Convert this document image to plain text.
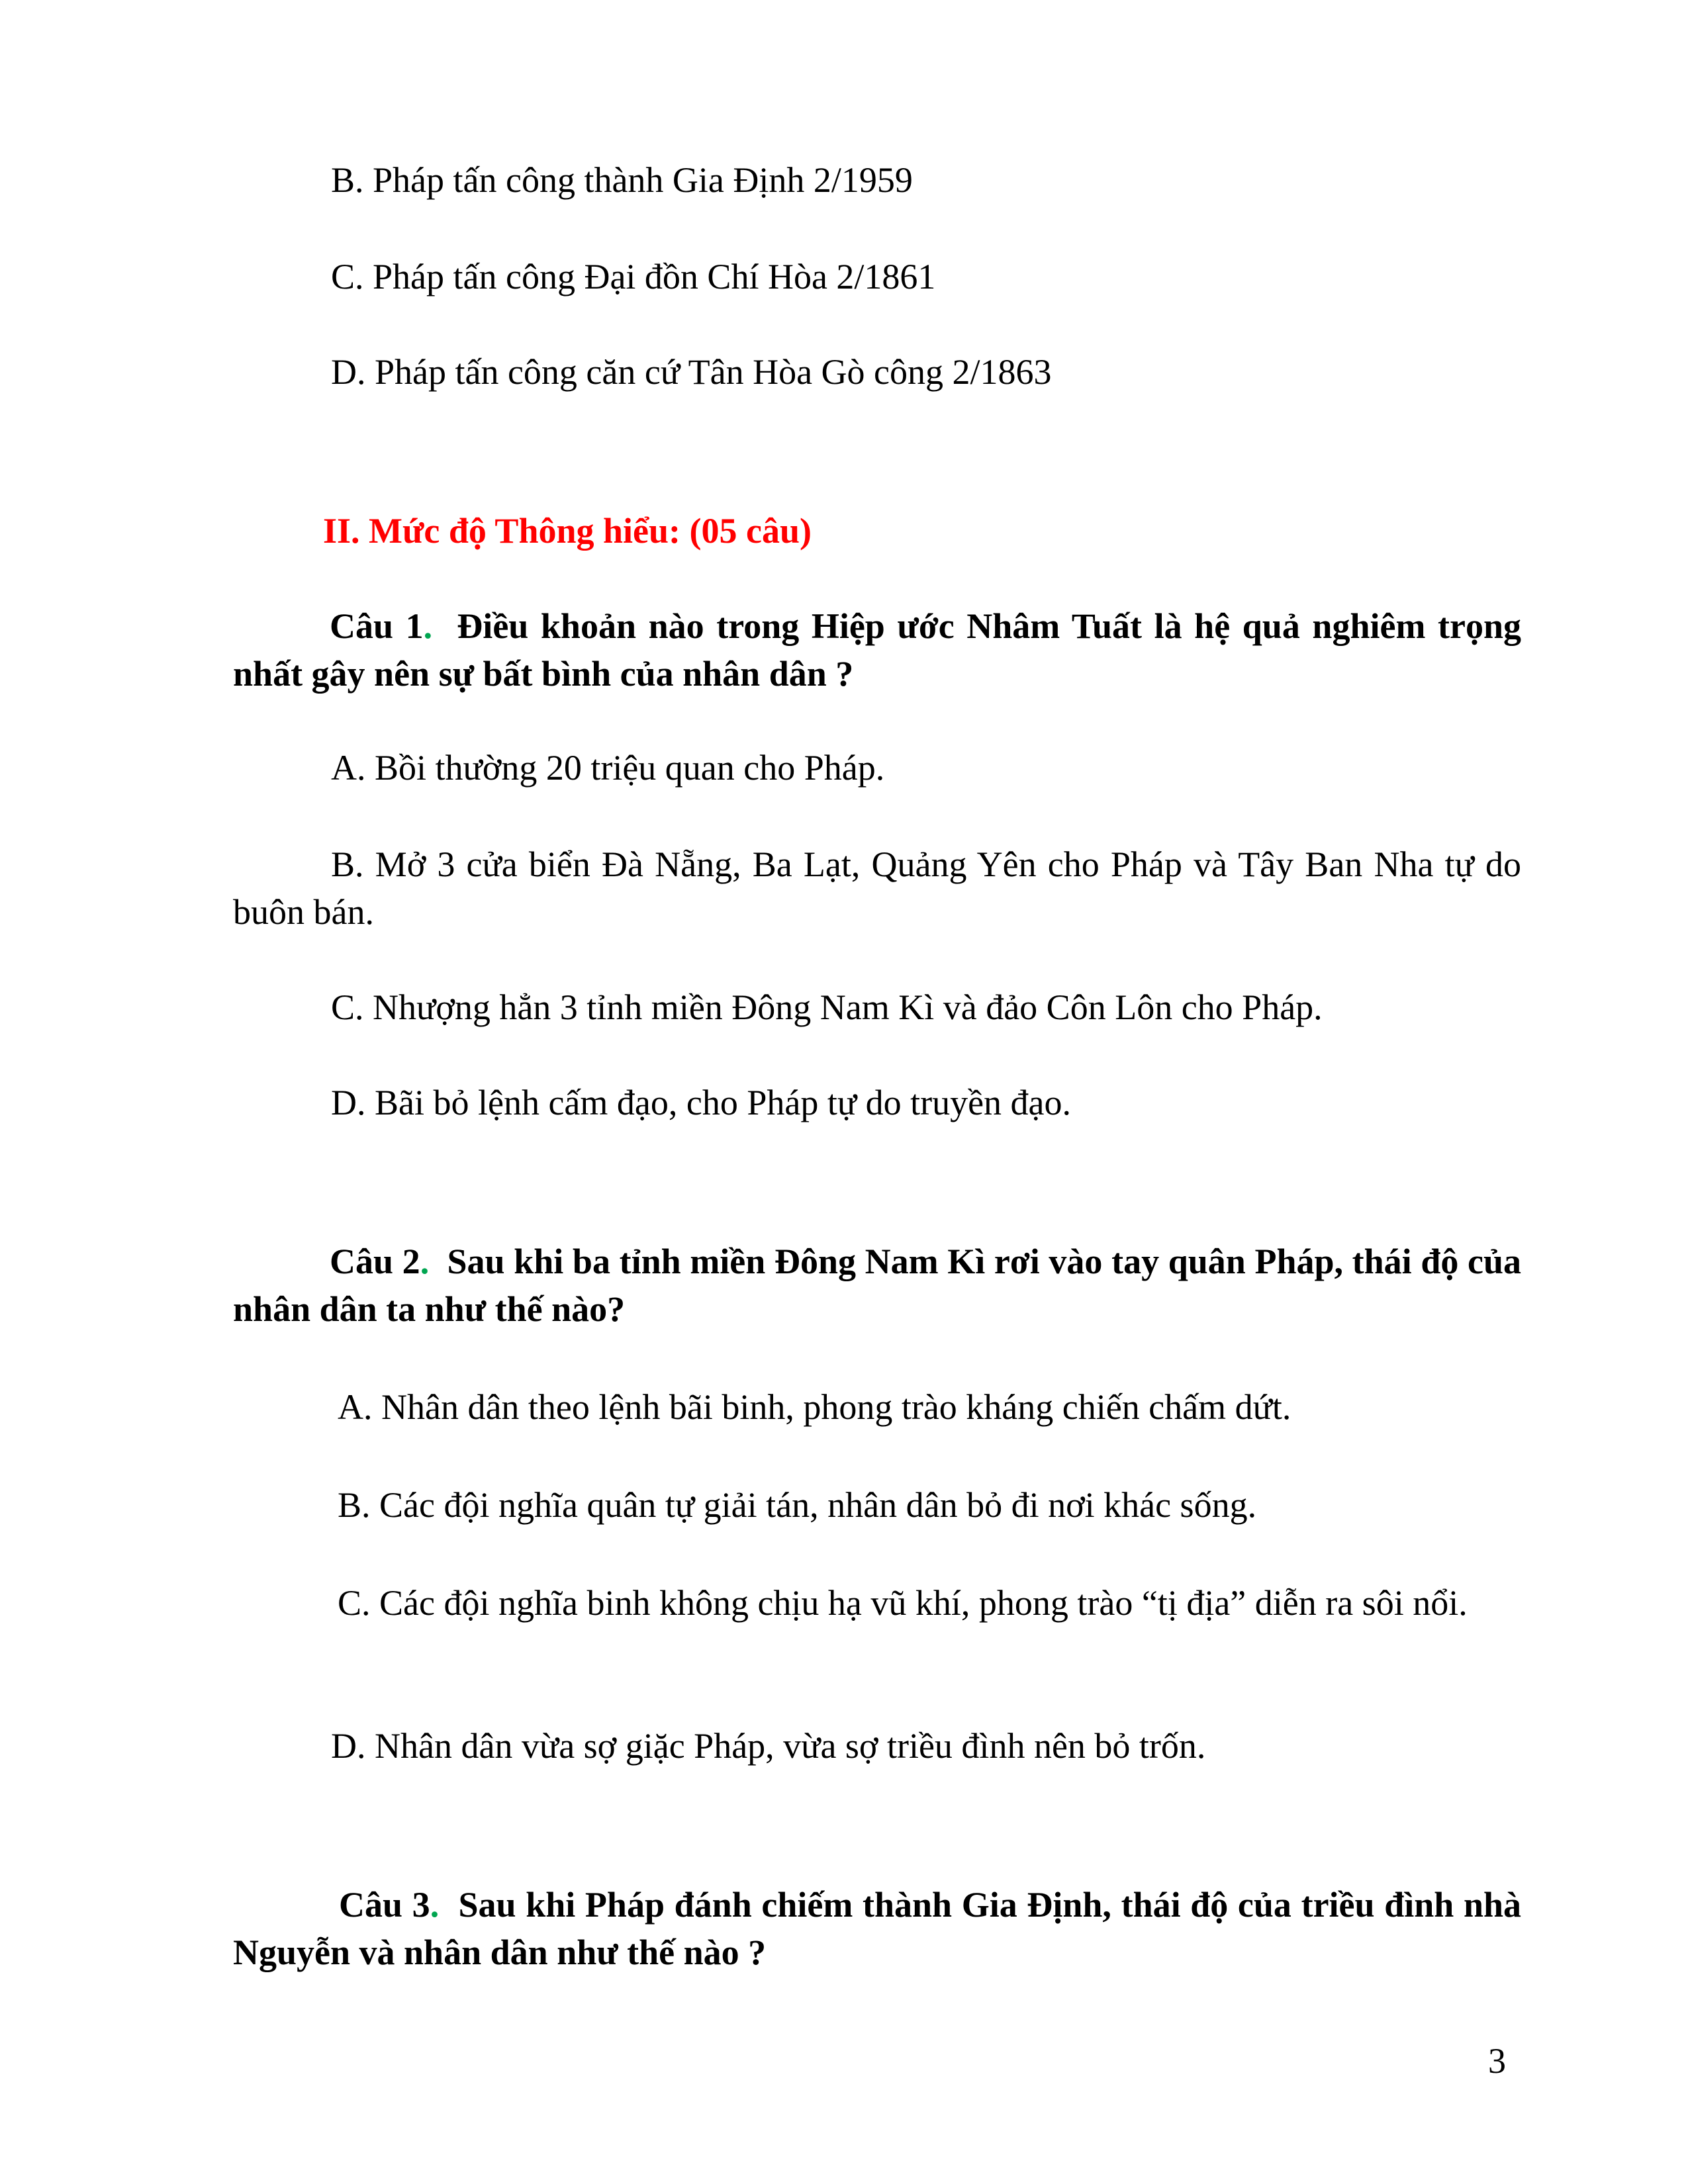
B. Pháp tấn công thành Gia Định 2/1959
C. Pháp tấn công Đại đồn Chí Hòa 2/1861
D. Pháp tấn công căn cứ Tân Hòa Gò công 2/1863
II. Mức độ Thông hiểu: (05 câu)
Câu 1. Điều khoản nào trong Hiệp ước Nhâm Tuất là hệ quả nghiêm trọng nhất gây nên sự bất bình của nhân dân ?
A. Bồi thường 20 triệu quan cho Pháp.
B. Mở 3 cửa biển Đà Nẵng, Ba Lạt, Quảng Yên cho Pháp và Tây Ban Nha tự do buôn bán.
C. Nhượng hẳn 3 tỉnh miền Đông Nam Kì và đảo Côn Lôn cho Pháp.
D. Bãi bỏ lệnh cấm đạo, cho Pháp tự do truyền đạo.
Câu 2. Sau khi ba tỉnh miền Đông Nam Kì rơi vào tay quân Pháp, thái độ của nhân dân ta như thế nào?
A. Nhân dân theo lệnh bãi binh, phong trào kháng chiến chấm dứt.
B. Các đội nghĩa quân tự giải tán, nhân dân bỏ đi nơi khác sống.
C. Các đội nghĩa binh không chịu hạ vũ khí, phong trào “tị địa” diễn ra sôi nổi.
D. Nhân dân vừa sợ giặc Pháp, vừa sợ triều đình nên bỏ trốn.
Câu 3. Sau khi Pháp đánh chiếm thành Gia Định, thái độ của triều đình nhà Nguyễn và nhân dân như thế nào ?
3
